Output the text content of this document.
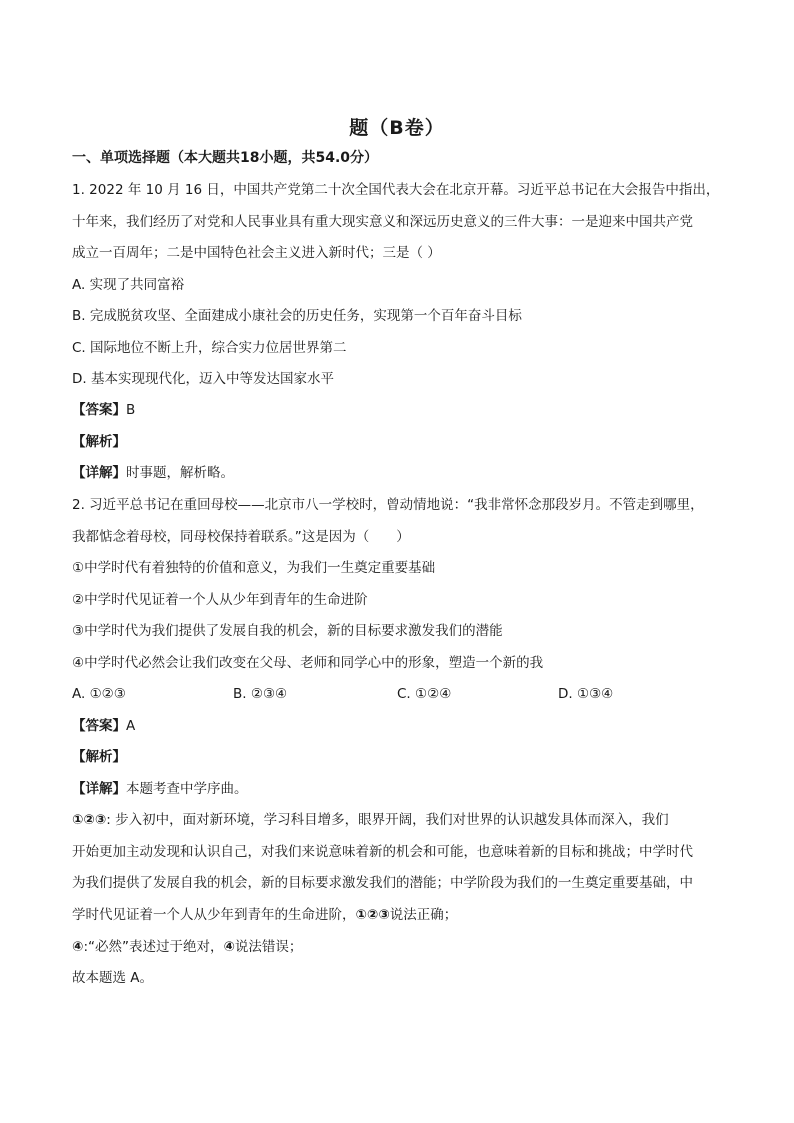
题（B卷）
一、单项选择题（本大题共18小题，共54.0分）
1. 2022 年 10 月 16 日，中国共产党第二十次全国代表大会在北京开幕。习近平总书记在大会报告中指出，
十年来，我们经历了对党和人民事业具有重大现实意义和深远历史意义的三件大事：一是迎来中国共产党
成立一百周年；二是中国特色社会主义进入新时代；三是（ ）
A. 实现了共同富裕
B. 完成脱贫攻坚、全面建成小康社会的历史任务，实现第一个百年奋斗目标
C. 国际地位不断上升，综合实力位居世界第二
D. 基本实现现代化，迈入中等发达国家水平
【答案】B
【解析】
【详解】时事题，解析略。
2. 习近平总书记在重回母校——北京市八一学校时，曾动情地说：“我非常怀念那段岁月。不管走到哪里，
我都惦念着母校，同母校保持着联系。”这是因为（　　）
①中学时代有着独特的价值和意义，为我们一生奠定重要基础
②中学时代见证着一个人从少年到青年的生命进阶
③中学时代为我们提供了发展自我的机会，新的目标要求激发我们的潜能
④中学时代必然会让我们改变在父母、老师和同学心中的形象，塑造一个新的我
A. ①②③	B. ②③④	C. ①②④	D. ①③④
【答案】A
【解析】
【详解】本题考查中学序曲。
①②③: 步入初中，面对新环境，学习科目增多，眼界开阔，我们对世界的认识越发具体而深入，我们
开始更加主动发现和认识自己，对我们来说意味着新的机会和可能，也意味着新的目标和挑战；中学时代
为我们提供了发展自我的机会，新的目标要求激发我们的潜能；中学阶段为我们的一生奠定重要基础，中
学时代见证着一个人从少年到青年的生命进阶，①②③说法正确；
④:“必然”表述过于绝对，④说法错误；
故本题选 A。
